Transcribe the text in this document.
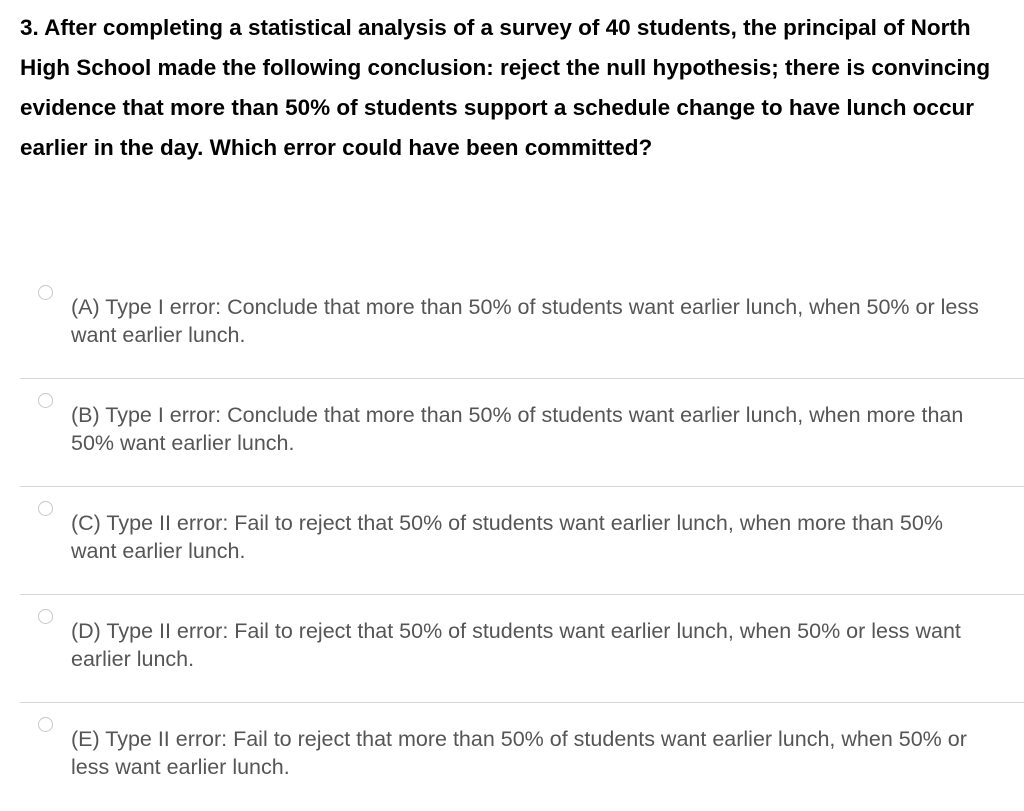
3. After completing a statistical analysis of a survey of 40 students, the principal of North High School made the following conclusion: reject the null hypothesis; there is convincing evidence that more than 50% of students support a schedule change to have lunch occur earlier in the day. Which error could have been committed?
(A) Type I error: Conclude that more than 50% of students want earlier lunch, when 50% or less want earlier lunch.
(B) Type I error: Conclude that more than 50% of students want earlier lunch, when more than 50% want earlier lunch.
(C) Type II error: Fail to reject that 50% of students want earlier lunch, when more than 50% want earlier lunch.
(D) Type II error: Fail to reject that 50% of students want earlier lunch, when 50% or less want earlier lunch.
(E) Type II error: Fail to reject that more than 50% of students want earlier lunch, when 50% or less want earlier lunch.
